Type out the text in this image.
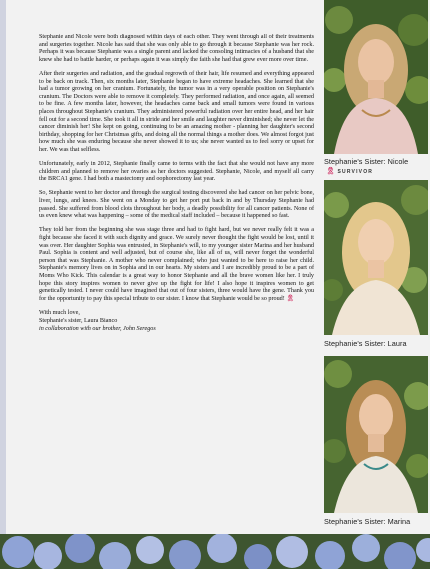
Stephanie and Nicole were both diagnosed within days of each other. They went through all of their treatments and surgeries together. Nicole has said that she was only able to go through it because Stephanie was her rock. Perhaps it was because Stephanie was a single parent and lacked the consoling intimacies of a husband that she knew she had to battle harder, or perhaps again it was simply the faith she had that grew ever more over time.

After their surgeries and radiation, and the gradual regrowth of their hair, life resumed and everything appeared to be back on track. Then, six months later, Stephanie began to have extreme headaches. She learned that she had a tumor growing on her cranium. Fortunately, the tumor was in a very operable position on Stephanie's cranium. The Doctors were able to remove it completely. They performed radiation, and once again, all seemed to be fine. A few months later, however, the headaches came back and small tumors were found in various places throughout Stephanie's cranium. They administered powerful radiation over her entire head, and her hair fell out for a second time. She took it all in stride and her smile and laughter never diminished; she never let the cancer diminish her! She kept on going, continuing to be an amazing mother - planning her daughter's second birthday, shopping for her Christmas gifts, and doing all the normal things a mother does. We almost forgot just how much she was enduring because she never showed it to us; she never wanted us to feel sorry or upset for her. We was that selfless.

Unfortunately, early in 2012, Stephanie finally came to terms with the fact that she would not have any more children and planned to remove her ovaries as her doctors suggested. Stephanie, Nicole, and myself all carry the BRCA1 gene. I had both a mastectomy and oophorectomy last year.

So, Stephanie went to her doctor and through the surgical testing discovered she had cancer on her pelvic bone, liver, lungs, and knees. She went on a Monday to get her port put back in and by Thursday Stephanie had passed. She suffered from blood clots throughout her body, a deadly possibility for all cancer patients. None of us even knew what was happening – some of the medical staff included – because it happened so fast.

They told her from the beginning she was stage three and had to fight hard, but we never really felt it was a fight because she faced it with such dignity and grace. We surely never thought the fight would be lost, until it was over. Her daughter Sophia was entrusted, in Stephanie's will, to my younger sister Marina and her husband Paul. Sophia is content and well adjusted, but of course she, like all of us, will never forget the wonderful person that was Stephanie. A mother who never complained; who just wanted to be here to raise her child. Stephanie's memory lives on in Sophia and in our hearts. My sisters and I are incredibly proud to be a part of Moms Who Kick. This calendar is a great way to honor Stephanie and all the brave women like her. I truly hope this story inspires women to never give up the fight for life! I also hope it inspires women to get genetically tested. I never could have imagined that out of four sisters, three would have the gene. Thank you for the opportunity to pay this special tribute to our sister. I know that Stephanie would be so proud! 🎗

With much love,
Stephanie's sister, Laura Bianco
in collaboration with our brother, John Seregos
Stephanie's Sister: Nicole
🎗 SURVIVOR
Stephanie's Sister: Laura
Stephanie's Sister: Marina
